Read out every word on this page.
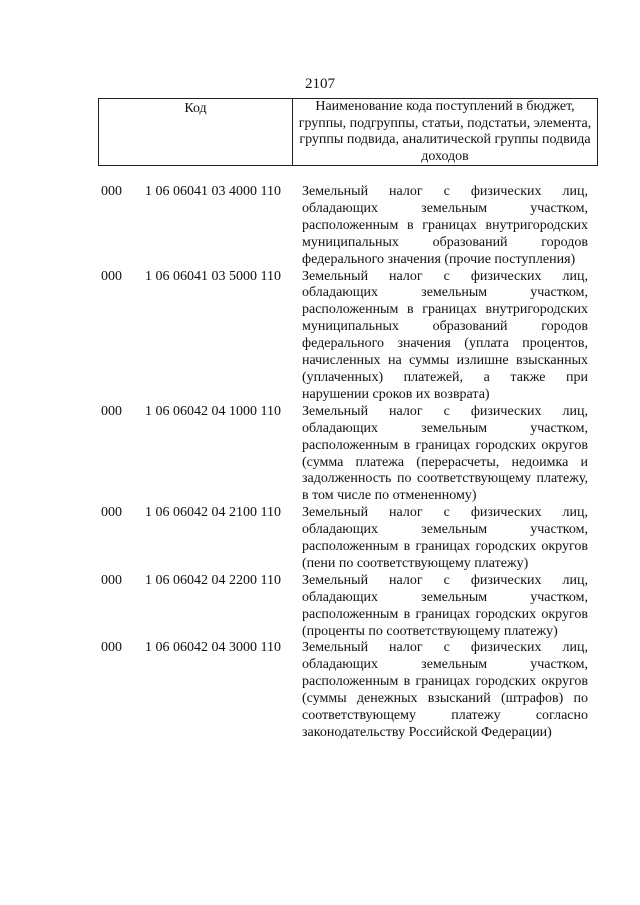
2107
Код	Наименование кода поступлений в бюджет, группы, подгруппы, статьи, подстатьи, элемента, группы подвида, аналитической группы подвида доходов
000 1 06 06041 03 4000 110 Земельный налог с физических лиц, обладающих земельным участком, расположенным в границах внутригородских муниципальных образований городов федерального значения (прочие поступления)
000 1 06 06041 03 5000 110 Земельный налог с физических лиц, обладающих земельным участком, расположенным в границах внутригородских муниципальных образований городов федерального значения (уплата процентов, начисленных на суммы излишне взысканных (уплаченных) платежей, а также при нарушении сроков их возврата)
000 1 06 06042 04 1000 110 Земельный налог с физических лиц, обладающих земельным участком, расположенным в границах городских округов (сумма платежа (перерасчеты, недоимка и задолженность по соответствующему платежу, в том числе по отмененному)
000 1 06 06042 04 2100 110 Земельный налог с физических лиц, обладающих земельным участком, расположенным в границах городских округов (пени по соответствующему платежу)
000 1 06 06042 04 2200 110 Земельный налог с физических лиц, обладающих земельным участком, расположенным в границах городских округов (проценты по соответствующему платежу)
000 1 06 06042 04 3000 110 Земельный налог с физических лиц, обладающих земельным участком, расположенным в границах городских округов (суммы денежных взысканий (штрафов) по соответствующему платежу согласно законодательству Российской Федерации)
